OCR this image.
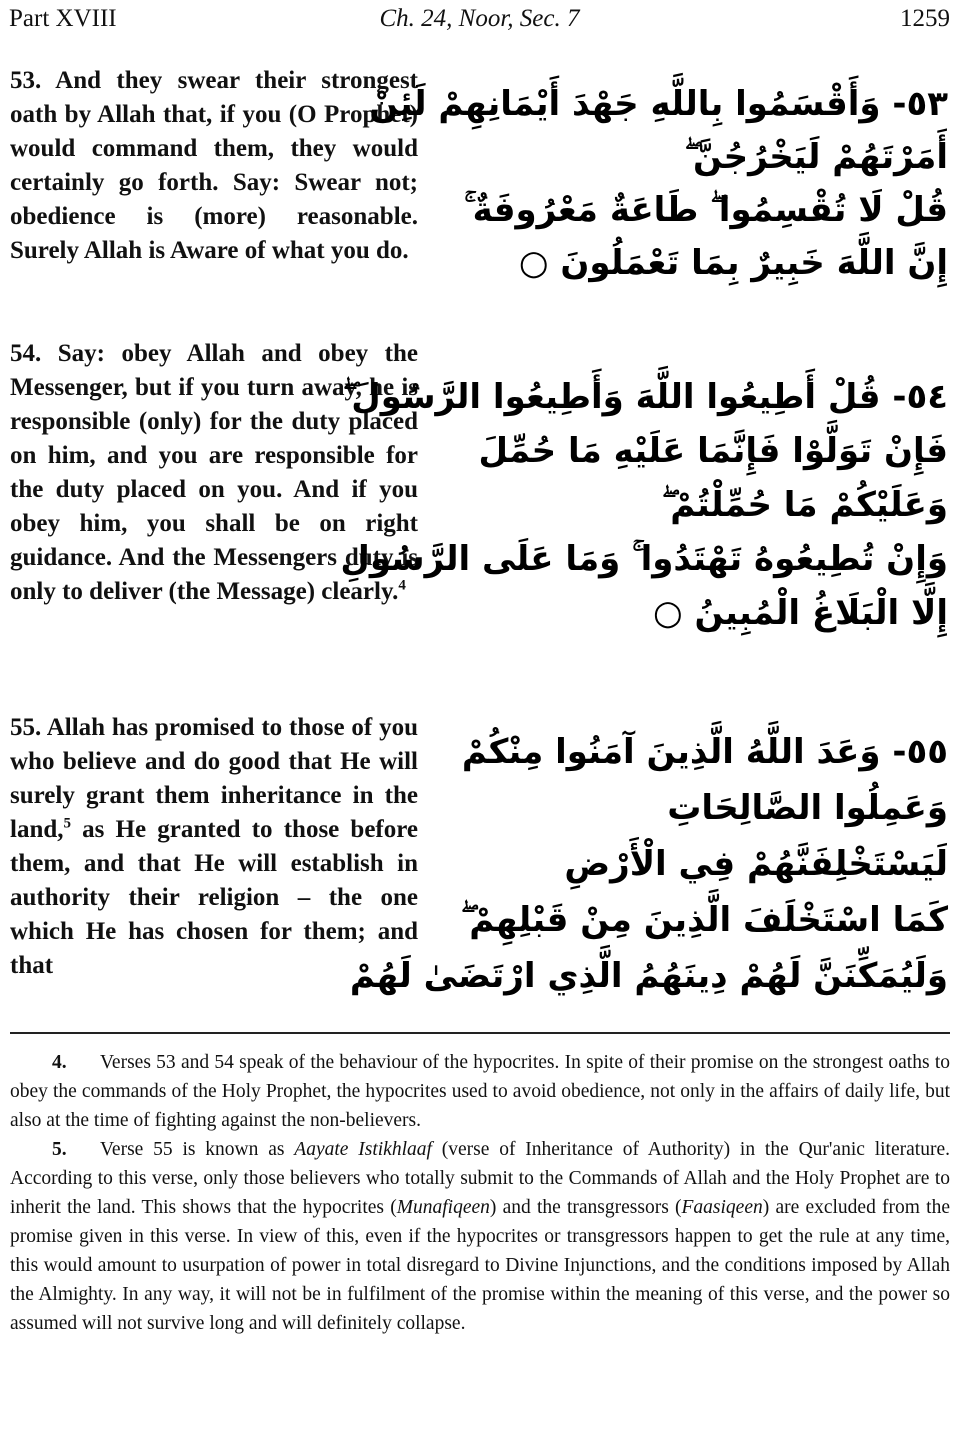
Part XVIII	Ch. 24, Noor, Sec. 7	1259
53. And they swear their strongest oath by Allah that, if you (O Prophet) would command them, they would certainly go forth. Say: Swear not; obedience is (more) reasonable. Surely Allah is Aware of what you do.
٥٣- وَأَقْسَمُوا بِاللَّهِ جَهْدَ أَيْمَانِهِمْ لَئِنْ
أَمَرْتَهُمْ لَيَخْرُجُنَّ ۖ
قُلْ لَا تُقْسِمُوا ۖ طَاعَةٌ مَعْرُوفَةٌ ۚ
إِنَّ اللَّهَ خَبِيرٌ بِمَا تَعْمَلُونَ ○
54. Say: obey Allah and obey the Messenger, but if you turn away, he is responsible (only) for the duty placed on him, and you are responsible for the duty placed on you. And if you obey him, you shall be on right guidance. And the Messengers duty is only to deliver (the Message) clearly.$^4$
٥٤- قُلْ أَطِيعُوا اللَّهَ وَأَطِيعُوا الرَّسُولَ ۖ
فَإِنْ تَوَلَّوْا فَإِنَّمَا عَلَيْهِ مَا حُمِّلَ
وَعَلَيْكُمْ مَا حُمِّلْتُمْ ۖ
وَإِنْ تُطِيعُوهُ تَهْتَدُوا ۚ وَمَا عَلَى الرَّسُولِ
إِلَّا الْبَلَاغُ الْمُبِينُ ○
55. Allah has promised to those of you who believe and do good that He will surely grant them inheritance in the land,$^5$ as He granted to those before them, and that He will establish in authority their religion – the one which He has chosen for them; and that
٥٥- وَعَدَ اللَّهُ الَّذِينَ آمَنُوا مِنْكُمْ
وَعَمِلُوا الصَّالِحَاتِ
لَيَسْتَخْلِفَنَّهُمْ فِي الْأَرْضِ
كَمَا اسْتَخْلَفَ الَّذِينَ مِنْ قَبْلِهِمْ ۖ
وَلَيُمَكِّنَنَّ لَهُمْ دِينَهُمُ الَّذِي ارْتَضَىٰ لَهُمْ

4. Verses 53 and 54 speak of the behaviour of the hypocrites. In spite of their promise on the strongest oaths to obey the commands of the Holy Prophet, the hypocrites used to avoid obedience, not only in the affairs of daily life, but also at the time of fighting against the non-believers.

5. Verse 55 is known as Aayate Istikhlaaf (verse of Inheritance of Authority) in the Qur'anic literature. According to this verse, only those believers who totally submit to the Commands of Allah and the Holy Prophet are to inherit the land. This shows that the hypocrites (Munafiqeen) and the transgressors (Faasiqeen) are excluded from the promise given in this verse. In view of this, even if the hypocrites or transgressors happen to get the rule at any time, this would amount to usurpation of power in total disregard to Divine Injunctions, and the conditions imposed by Allah the Almighty. In any way, it will not be in fulfilment of the promise within the meaning of this verse, and the power so assumed will not survive long and will definitely collapse.
